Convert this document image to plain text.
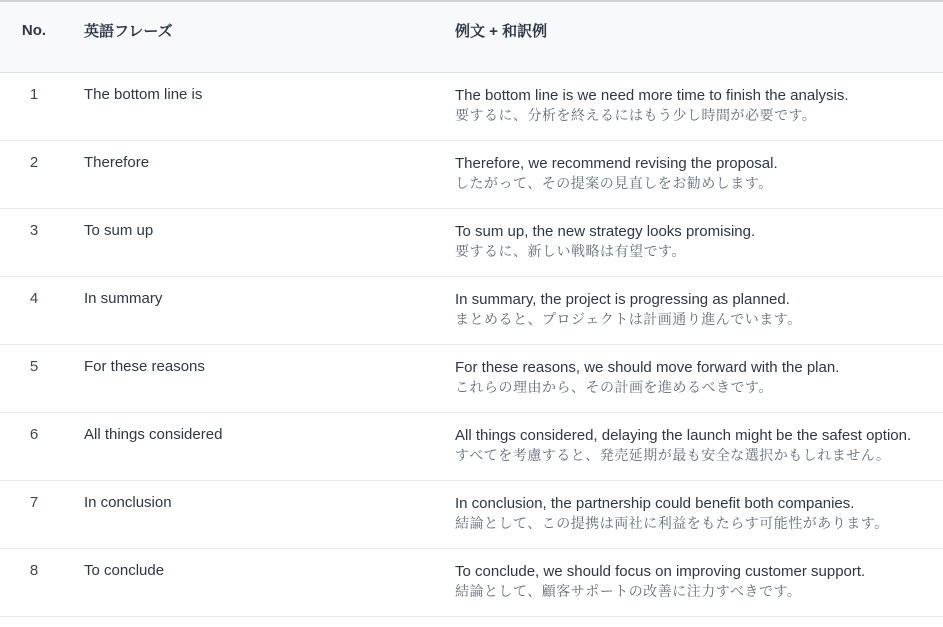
No.	英語フレーズ	例文 + 和訳例
1	The bottom line is	The bottom line is we need more time to finish the analysis.
要するに、分析を終えるにはもう少し時間が必要です。

2	Therefore	Therefore, we recommend revising the proposal.
したがって、その提案の見直しをお勧めします。

3	To sum up	To sum up, the new strategy looks promising.
要するに、新しい戦略は有望です。

4	In summary	In summary, the project is progressing as planned.
まとめると、プロジェクトは計画通り進んでいます。

5	For these reasons	For these reasons, we should move forward with the plan.
これらの理由から、その計画を進めるべきです。

6	All things considered	All things considered, delaying the launch might be the safest option.
すべてを考慮すると、発売延期が最も安全な選択かもしれません。

7	In conclusion	In conclusion, the partnership could benefit both companies.
結論として、この提携は両社に利益をもたらす可能性があります。

8	To conclude	To conclude, we should focus on improving customer support.
結論として、顧客サポートの改善に注力すべきです。
